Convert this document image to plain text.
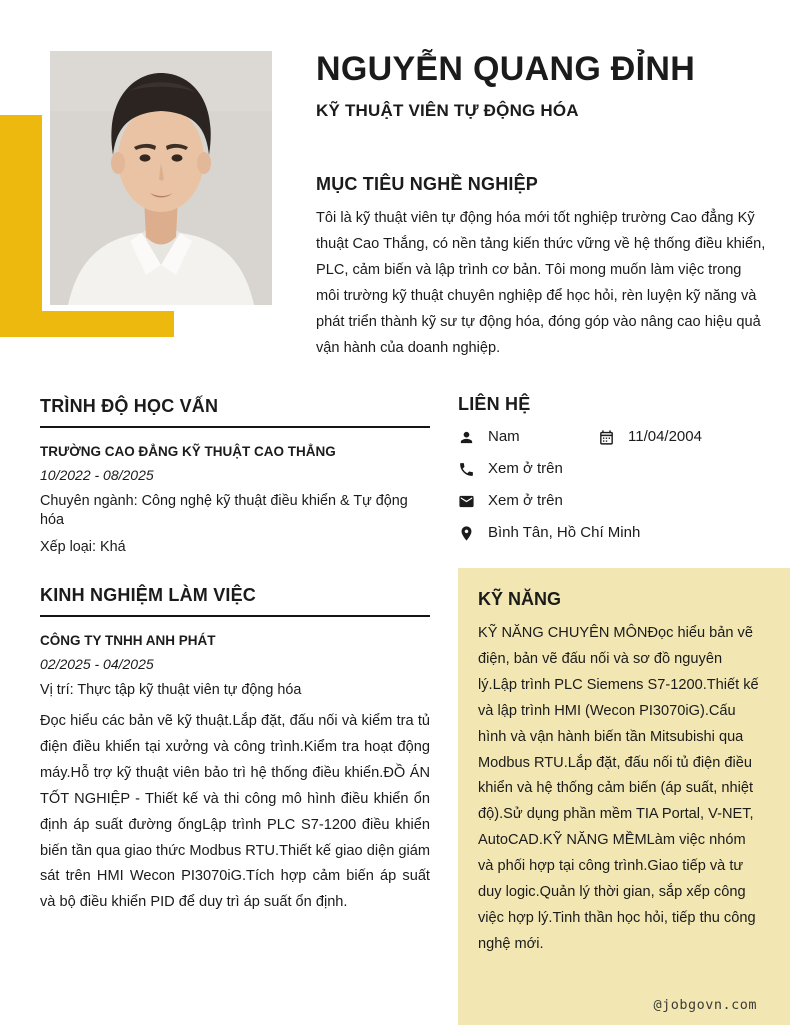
NGUYỄN QUANG ĐỈNH
KỸ THUẬT VIÊN TỰ ĐỘNG HÓA
MỤC TIÊU NGHỀ NGHIỆP
Tôi là kỹ thuật viên tự động hóa mới tốt nghiệp trường Cao đẳng Kỹ thuật Cao Thắng, có nền tảng kiến thức vững về hệ thống điều khiển, PLC, cảm biến và lập trình cơ bản. Tôi mong muốn làm việc trong môi trường kỹ thuật chuyên nghiệp để học hỏi, rèn luyện kỹ năng và phát triển thành kỹ sư tự động hóa, đóng góp vào nâng cao hiệu quả vận hành của doanh nghiệp.
TRÌNH ĐỘ HỌC VẤN
TRƯỜNG CAO ĐẲNG KỸ THUẬT CAO THẲNG
10/2022 - 08/2025
Chuyên ngành: Công nghệ kỹ thuật điều khiển & Tự động hóa
Xếp loại: Khá
KINH NGHIỆM LÀM VIỆC
CÔNG TY TNHH ANH PHÁT
02/2025 - 04/2025
Vị trí: Thực tập kỹ thuật viên tự động hóa
Đọc hiểu các bản vẽ kỹ thuật.Lắp đặt, đấu nối và kiểm tra tủ điện điều khiển tại xưởng và công trình.Kiểm tra hoạt động máy.Hỗ trợ kỹ thuật viên bảo trì hệ thống điều khiển.ĐỒ ÁN TỐT NGHIỆP - Thiết kế và thi công mô hình điều khiển ổn định áp suất đường ốngLập trình PLC S7-1200 điều khiển biến tần qua giao thức Modbus RTU.Thiết kế giao diện giám sát trên HMI Wecon PI3070iG.Tích hợp cảm biến áp suất và bộ điều khiển PID để duy trì áp suất ổn định.
LIÊN HỆ
Nam	11/04/2004
Xem ở trên
Xem ở trên
Bình Tân, Hồ Chí Minh
KỸ NĂNG
KỸ NĂNG CHUYÊN MÔNĐọc hiểu bản vẽ điện, bản vẽ đấu nối và sơ đồ nguyên lý.Lập trình PLC Siemens S7-1200.Thiết kế và lập trình HMI (Wecon PI3070iG).Cấu hình và vận hành biến tần Mitsubishi qua Modbus RTU.Lắp đặt, đấu nối tủ điện điều khiển và hệ thống cảm biến (áp suất, nhiệt độ).Sử dụng phần mềm TIA Portal, V-NET, AutoCAD.KỸ NĂNG MỀMLàm việc nhóm và phối hợp tại công trình.Giao tiếp và tư duy logic.Quản lý thời gian, sắp xếp công việc hợp lý.Tinh thần học hỏi, tiếp thu công nghệ mới.
@jobgovn.com
